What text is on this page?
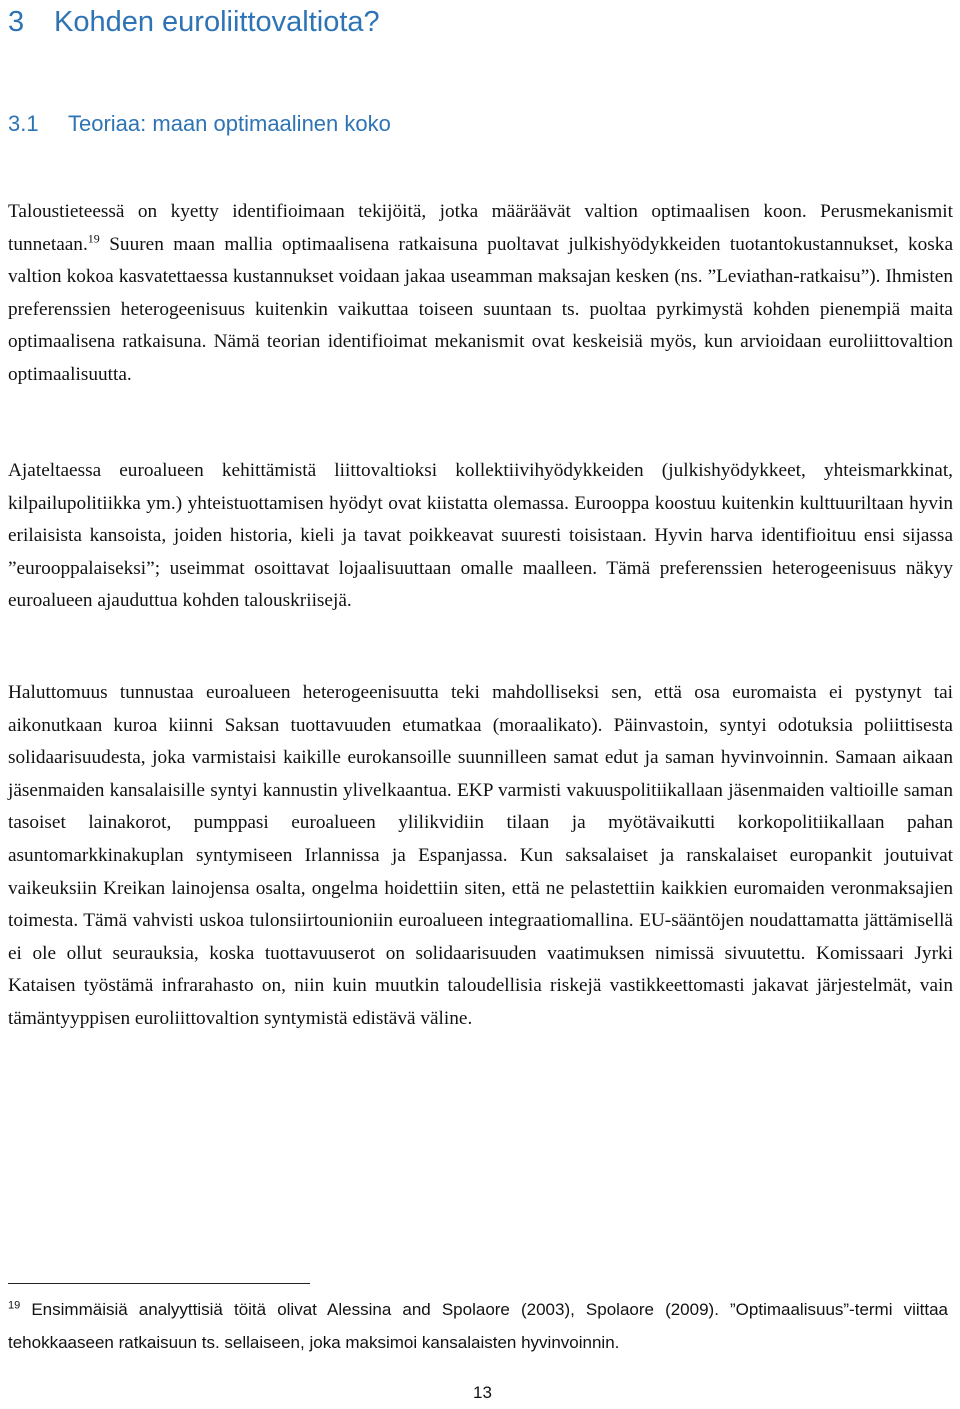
3 Kohden euroliittovaltiota?
3.1 Teoriaa: maan optimaalinen koko

Taloustieteessä on kyetty identifioimaan tekijöitä, jotka määräävät valtion optimaalisen koon. Perusmekanismit tunnetaan.$^{19}$ Suuren maan mallia optimaalisena ratkaisuna puoltavat julkishyödykkeiden tuotantokustannukset, koska valtion kokoa kasvatettaessa kustannukset voidaan jakaa useamman maksajan kesken (ns. ”Leviathan-ratkaisu”). Ihmisten preferenssien heterogeenisuus kuitenkin vaikuttaa toiseen suuntaan ts. puoltaa pyrkimystä kohden pienempiä maita optimaalisena ratkaisuna. Nämä teorian identifioimat mekanismit ovat keskeisiä myös, kun arvioidaan euroliittovaltion optimaalisuutta.

Ajateltaessa euroalueen kehittämistä liittovaltioksi kollektiivihyödykkeiden (julkishyödykkeet, yhteismarkkinat, kilpailupolitiikka ym.) yhteistuottamisen hyödyt ovat kiistatta olemassa. Eurooppa koostuu kuitenkin kulttuuriltaan hyvin erilaisista kansoista, joiden historia, kieli ja tavat poikkeavat suuresti toisistaan. Hyvin harva identifioituu ensi sijassa ”eurooppalaiseksi”; useimmat osoittavat lojaalisuuttaan omalle maalleen. Tämä preferenssien heterogeenisuus näkyy euroalueen ajauduttua kohden talouskriisejä.

Haluttomuus tunnustaa euroalueen heterogeenisuutta teki mahdolliseksi sen, että osa euromaista ei pystynyt tai aikonutkaan kuroa kiinni Saksan tuottavuuden etumatkaa (moraalikato). Päinvastoin, syntyi odotuksia poliittisesta solidaarisuudesta, joka varmistaisi kaikille eurokansoille suunnilleen samat edut ja saman hyvinvoinnin. Samaan aikaan jäsenmaiden kansalaisille syntyi kannustin ylivelkaantua. EKP varmisti vakuuspolitiikallaan jäsenmaiden valtioille saman tasoiset lainakorot, pumppasi euroalueen ylilikvidiin tilaan ja myötävaikutti korkopolitiikallaan pahan asuntomarkkinakuplan syntymiseen Irlannissa ja Espanjassa. Kun saksalaiset ja ranskalaiset europankit joutuivat vaikeuksiin Kreikan lainojensa osalta, ongelma hoidettiin siten, että ne pelastettiin kaikkien euromaiden veronmaksajien toimesta. Tämä vahvisti uskoa tulonsiirtounioniin euroalueen integraatiomallina. EU-sääntöjen noudattamatta jättämisellä ei ole ollut seurauksia, koska tuottavuuserot on solidaarisuuden vaatimuksen nimissä sivuutettu. Komissaari Jyrki Kataisen työstämä infrarahasto on, niin kuin muutkin taloudellisia riskejä vastikkeettomasti jakavat järjestelmät, vain tämäntyyppisen euroliittovaltion syntymistä edistävä väline.

$^{19}$ Ensimmäisiä analyyttisiä töitä olivat Alessina and Spolaore (2003), Spolaore (2009). ”Optimaalisuus”-termi viittaa tehokkaaseen ratkaisuun ts. sellaiseen, joka maksimoi kansalaisten hyvinvoinnin.

13
